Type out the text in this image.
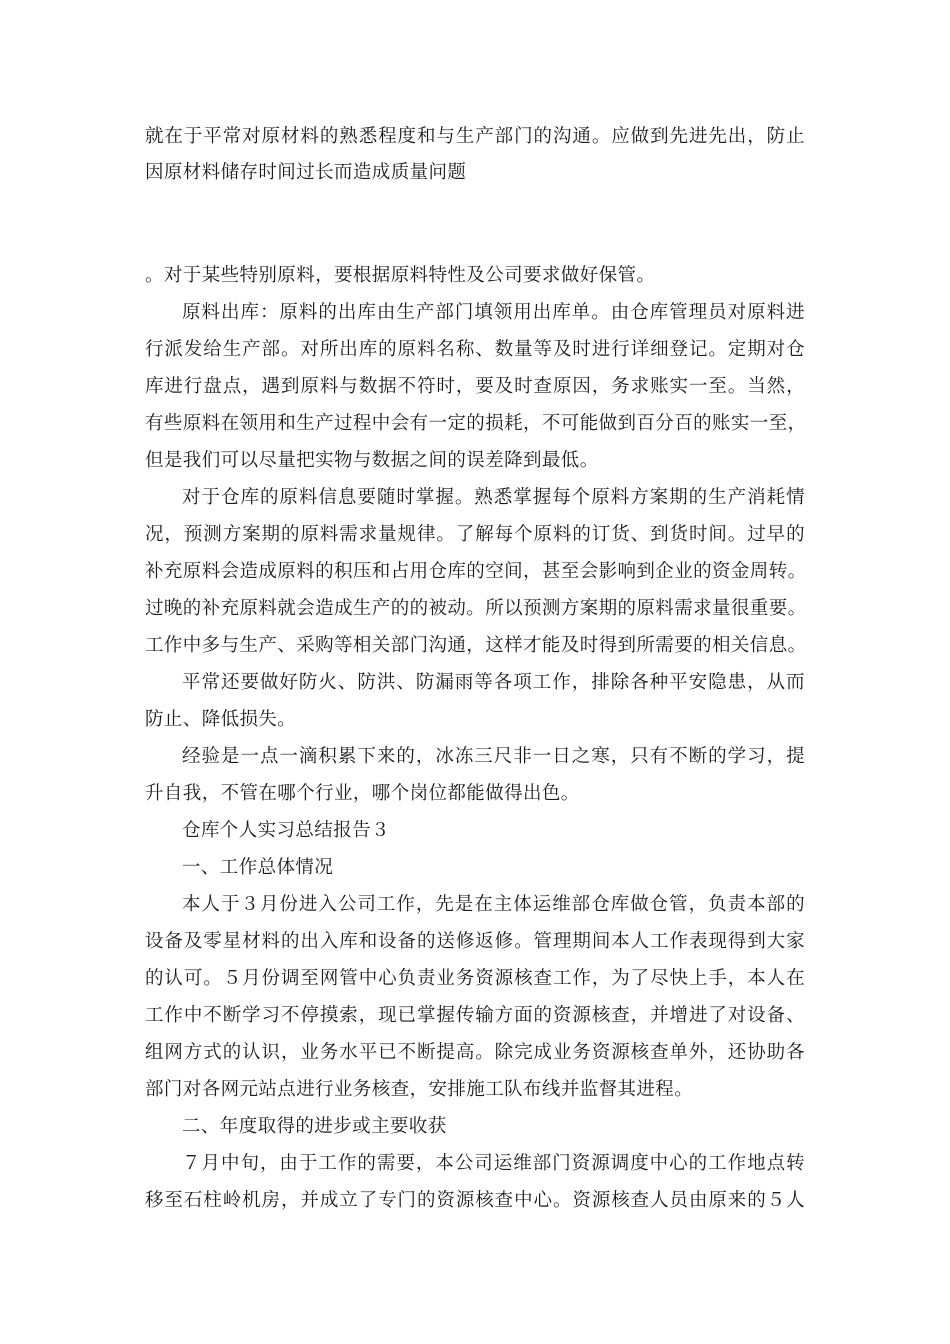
就在于平常对原材料的熟悉程度和与生产部门的沟通。应做到先进先出，防止
因原材料储存时间过长而造成质量问题
。对于某些特别原料，要根据原料特性及公司要求做好保管。
原料出库：原料的出库由生产部门填领用出库单。由仓库管理员对原料进
行派发给生产部。对所出库的原料名称、数量等及时进行详细登记。定期对仓
库进行盘点，遇到原料与数据不符时，要及时查原因，务求账实一至。当然，
有些原料在领用和生产过程中会有一定的损耗，不可能做到百分百的账实一至，
但是我们可以尽量把实物与数据之间的误差降到最低。
对于仓库的原料信息要随时掌握。熟悉掌握每个原料方案期的生产消耗情
况，预测方案期的原料需求量规律。了解每个原料的订货、到货时间。过早的
补充原料会造成原料的积压和占用仓库的空间，甚至会影响到企业的资金周转。
过晚的补充原料就会造成生产的的被动。所以预测方案期的原料需求量很重要。
工作中多与生产、采购等相关部门沟通，这样才能及时得到所需要的相关信息。
平常还要做好防火、防洪、防漏雨等各项工作，排除各种平安隐患，从而
防止、降低损失。
经验是一点一滴积累下来的，冰冻三尺非一日之寒，只有不断的学习，提
升自我，不管在哪个行业，哪个岗位都能做得出色。
仓库个人实习总结报告３
一、工作总体情况
本人于３月份进入公司工作，先是在主体运维部仓库做仓管，负责本部的
设备及零星材料的出入库和设备的送修返修。管理期间本人工作表现得到大家
的认可。５月份调至网管中心负责业务资源核查工作，为了尽快上手，本人在
工作中不断学习不停摸索，现已掌握传输方面的资源核查，并增进了对设备、
组网方式的认识，业务水平已不断提高。除完成业务资源核查单外，还协助各
部门对各网元站点进行业务核查，安排施工队布线并监督其进程。
二、年度取得的进步或主要收获
７月中旬，由于工作的需要，本公司运维部门资源调度中心的工作地点转
移至石柱岭机房，并成立了专门的资源核查中心。资源核查人员由原来的５人
